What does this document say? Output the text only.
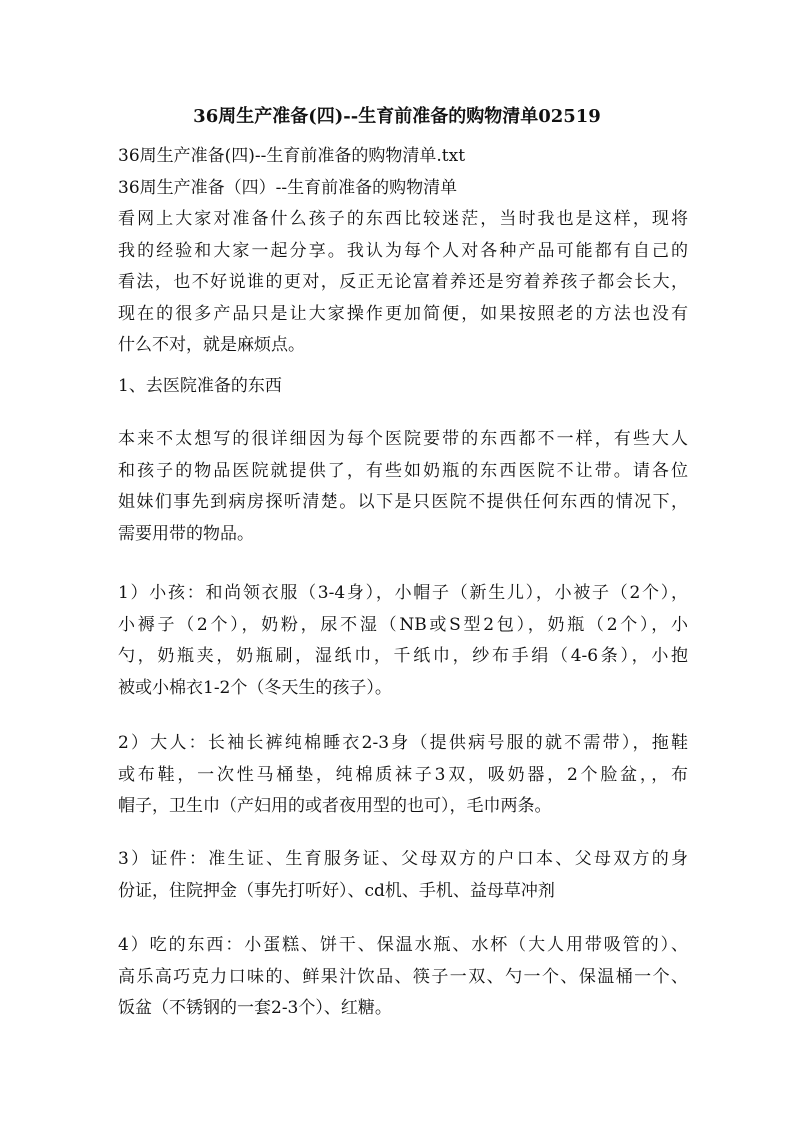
36周生产准备(四)--生育前准备的购物清单02519
36周生产准备(四)--生育前准备的购物清单.txt
36周生产准备（四）--生育前准备的购物清单
看网上大家对准备什么孩子的东西比较迷茫，当时我也是这样，现将
我的经验和大家一起分享。我认为每个人对各种产品可能都有自己的
看法，也不好说谁的更对，反正无论富着养还是穷着养孩子都会长大，
现在的很多产品只是让大家操作更加简便，如果按照老的方法也没有
什么不对，就是麻烦点。
1、去医院准备的东西
本来不太想写的很详细因为每个医院要带的东西都不一样，有些大人
和孩子的物品医院就提供了，有些如奶瓶的东西医院不让带。请各位
姐妹们事先到病房探听清楚。以下是只医院不提供任何东西的情况下，
需要用带的物品。
1）小孩：和尚领衣服（3-4身），小帽子（新生儿），小被子（2个），
小褥子（2个），奶粉，尿不湿（NB或S型2包），奶瓶（2个），小
勺，奶瓶夹，奶瓶刷，湿纸巾，千纸巾，纱布手绢（4-6条），小抱
被或小棉衣1-2个（冬天生的孩子）。
2）大人：长袖长裤纯棉睡衣2-3身（提供病号服的就不需带），拖鞋
或布鞋，一次性马桶垫，纯棉质袜子3双，吸奶器，2个脸盆，，布
帽子，卫生巾（产妇用的或者夜用型的也可），毛巾两条。
3）证件：准生证、生育服务证、父母双方的户口本、父母双方的身
份证，住院押金（事先打听好）、cd机、手机、益母草冲剂
4）吃的东西：小蛋糕、饼干、保温水瓶、水杯（大人用带吸管的）、
高乐高巧克力口味的、鲜果汁饮品、筷子一双、勺一个、保温桶一个、
饭盆（不锈钢的一套2-3个）、红糖。
